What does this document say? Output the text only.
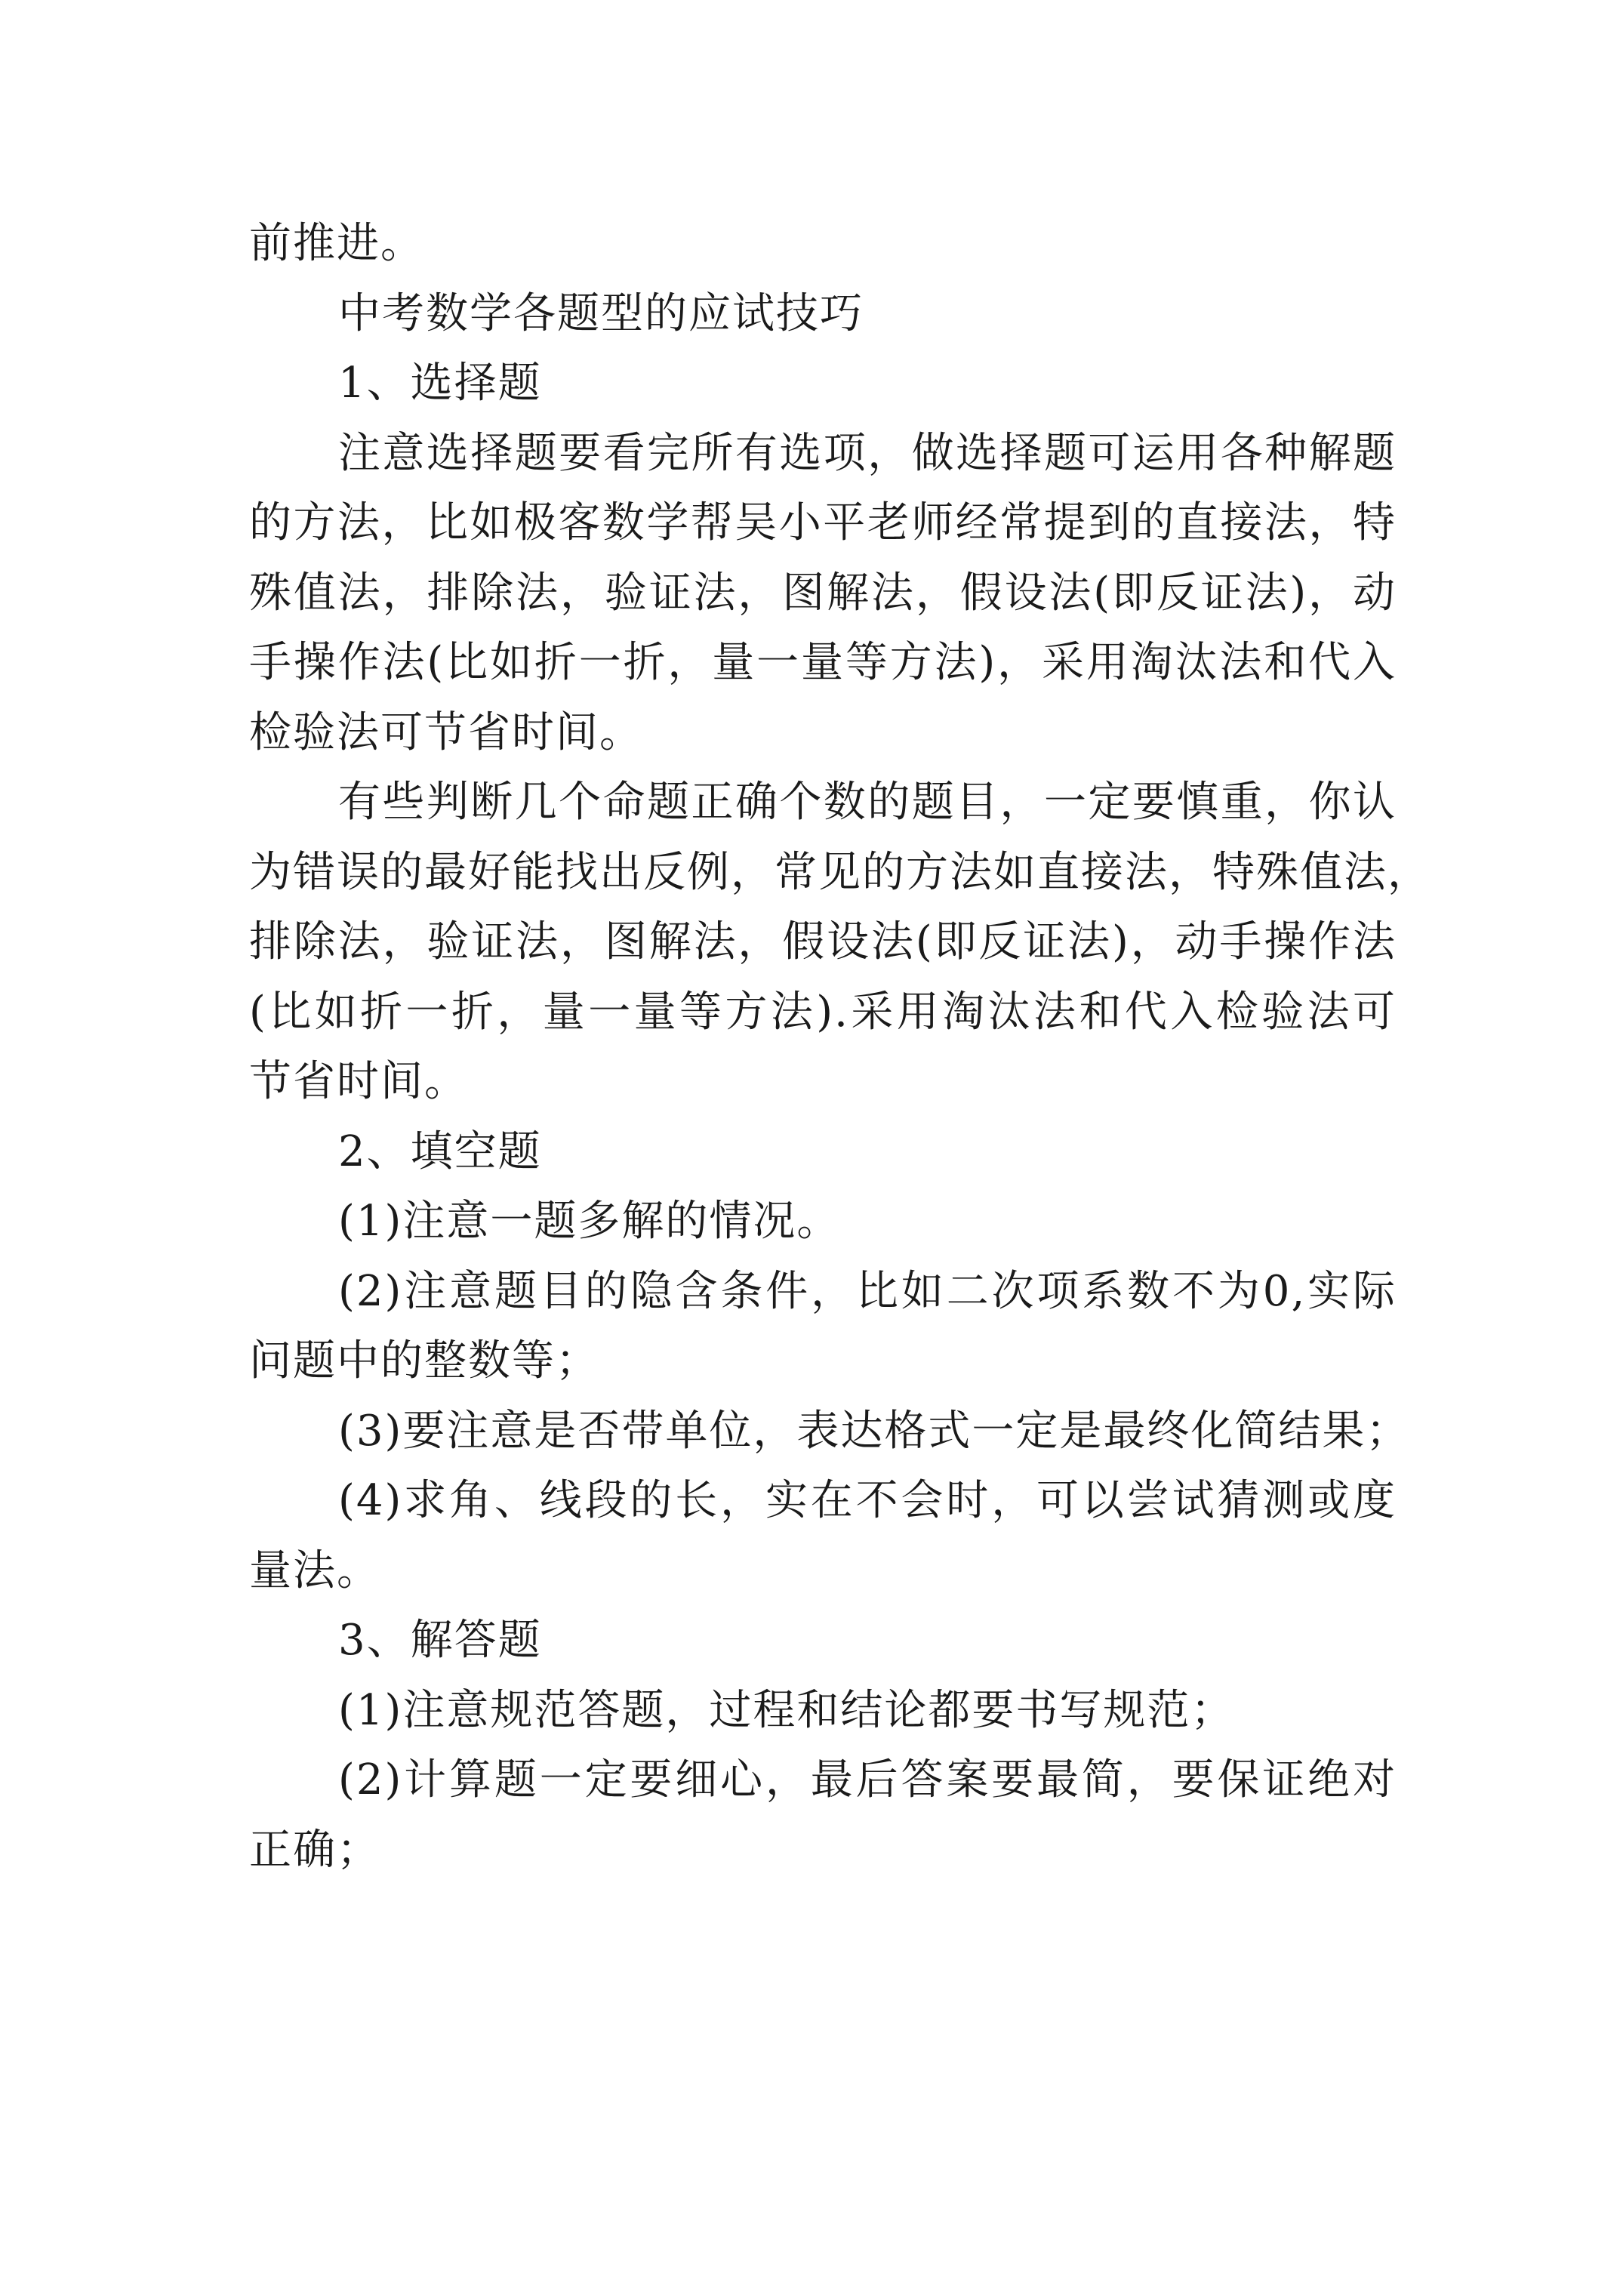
前推进。
中考数学各题型的应试技巧
1、选择题
注意选择题要看完所有选项，做选择题可运用各种解题
的方法，比如极客数学帮吴小平老师经常提到的直接法，特
殊值法，排除法，验证法，图解法，假设法(即反证法)，动
手操作法(比如折一折，量一量等方法)，采用淘汰法和代入
检验法可节省时间。
有些判断几个命题正确个数的题目，一定要慎重，你认
为错误的最好能找出反例，常见的方法如直接法，特殊值法，
排除法，验证法，图解法，假设法(即反证法)，动手操作法
(比如折一折，量一量等方法).采用淘汰法和代入检验法可
节省时间。
2、填空题
(1)注意一题多解的情况。
(2)注意题目的隐含条件，比如二次项系数不为0,实际
问题中的整数等；
(3)要注意是否带单位，表达格式一定是最终化简结果；
(4)求角、线段的长，实在不会时，可以尝试猜测或度
量法。
3、解答题
(1)注意规范答题，过程和结论都要书写规范；
(2)计算题一定要细心，最后答案要最简，要保证绝对
正确；
